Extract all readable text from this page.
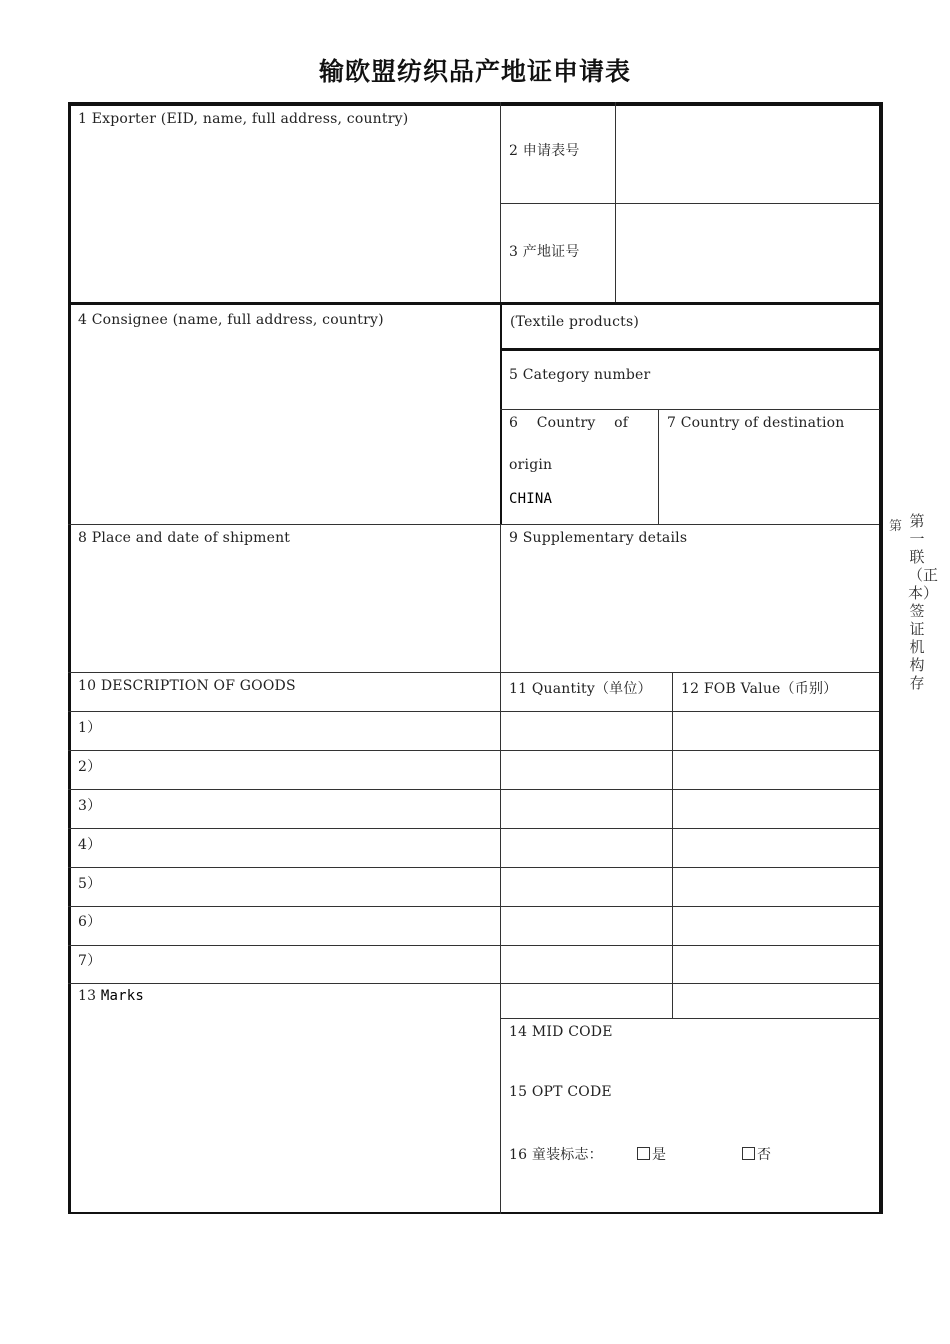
输欧盟纺织品产地证申请表
1 Exporter (EID, name, full address, country)
2 申请表号
3 产地证号
4 Consignee (name, full address, country)	(Textile products)
5 Category number
6    Country    of
origin
CHINA
7 Country of destination
8 Place and date of shipment	9 Supplementary details
10 DESCRIPTION OF GOODS	11 Quantity（单位） 12 FOB Value（币别）
1）
2）
3）
4）
5）
6）
7）
13 Marks
14 MID CODE
15 OPT CODE
16 童装标志：	是	否
第 第一联（正本）签证机构存
